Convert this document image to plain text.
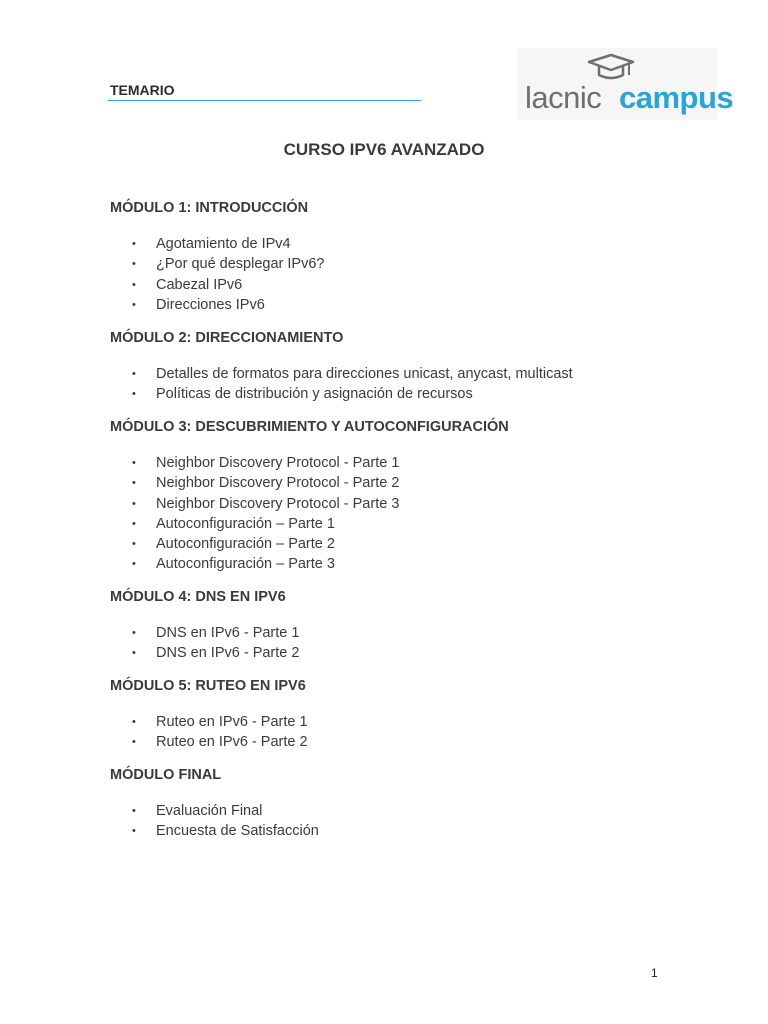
TEMARIO	lacnic campus
CURSO IPV6 AVANZADO

MÓDULO 1: INTRODUCCIÓN

• Agotamiento de IPv4
• ¿Por qué desplegar IPv6?
• Cabezal IPv6
• Direcciones IPv6

MÓDULO 2: DIRECCIONAMIENTO

• Detalles de formatos para direcciones unicast, anycast, multicast
• Políticas de distribución y asignación de recursos

MÓDULO 3: DESCUBRIMIENTO Y AUTOCONFIGURACIÓN

• Neighbor Discovery Protocol - Parte 1
• Neighbor Discovery Protocol - Parte 2
• Neighbor Discovery Protocol - Parte 3
• Autoconfiguración – Parte 1
• Autoconfiguración – Parte 2
• Autoconfiguración – Parte 3

MÓDULO 4: DNS EN IPV6

• DNS en IPv6 - Parte 1
• DNS en IPv6 - Parte 2

MÓDULO 5: RUTEO EN IPV6

• Ruteo en IPv6 - Parte 1
• Ruteo en IPv6 - Parte 2

MÓDULO FINAL

• Evaluación Final
• Encuesta de Satisfacción
1
